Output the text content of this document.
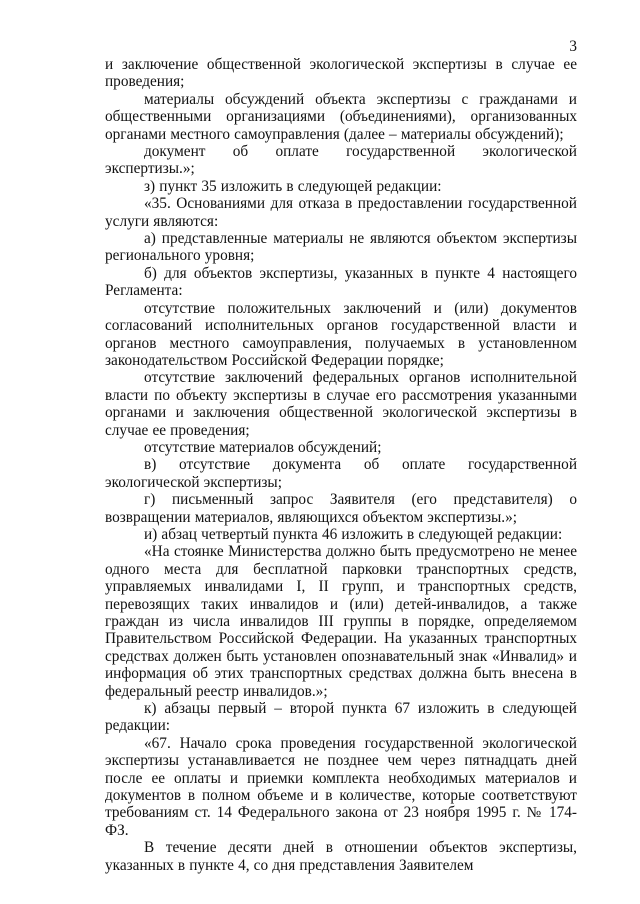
3

и заключение общественной экологической экспертизы в случае ее проведения;

материалы обсуждений объекта экспертизы с гражданами и общественными организациями (объединениями), организованных органами местного самоуправления (далее – материалы обсуждений);

документ об оплате государственной экологической экспертизы.»;

з) пункт 35 изложить в следующей редакции:

«35. Основаниями для отказа в предоставлении государственной услуги являются:

а) представленные материалы не являются объектом экспертизы регионального уровня;

б) для объектов экспертизы, указанных в пункте 4 настоящего Регламента:

отсутствие положительных заключений и (или) документов согласований исполнительных органов государственной власти и органов местного самоуправления, получаемых в установленном законодательством Российской Федерации порядке;

отсутствие заключений федеральных органов исполнительной власти по объекту экспертизы в случае его рассмотрения указанными органами и заключения общественной экологической экспертизы в случае ее проведения;

отсутствие материалов обсуждений;

в) отсутствие документа об оплате государственной экологической экспертизы;

г) письменный запрос Заявителя (его представителя) о возвращении материалов, являющихся объектом экспертизы.»;

и) абзац четвертый пункта 46 изложить в следующей редакции:

«На стоянке Министерства должно быть предусмотрено не менее одного места для бесплатной парковки транспортных средств, управляемых инвалидами I, II групп, и транспортных средств, перевозящих таких инвалидов и (или) детей-инвалидов, а также граждан из числа инвалидов III группы в порядке, определяемом Правительством Российской Федерации. На указанных транспортных средствах должен быть установлен опознавательный знак «Инвалид» и информация об этих транспортных средствах должна быть внесена в федеральный реестр инвалидов.»;

к) абзацы первый – второй пункта 67 изложить в следующей редакции:

«67. Начало срока проведения государственной экологической экспертизы устанавливается не позднее чем через пятнадцать дней после ее оплаты и приемки комплекта необходимых материалов и документов в полном объеме и в количестве, которые соответствуют требованиям ст. 14 Федерального закона от 23 ноября 1995 г. № 174-ФЗ.

В течение десяти дней в отношении объектов экспертизы, указанных в пункте 4, со дня представления Заявителем
